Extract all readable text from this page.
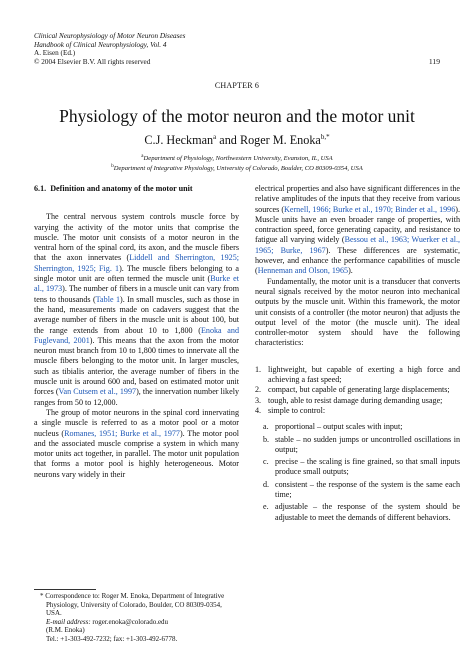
Clinical Neurophysiology of Motor Neuron Diseases
Handbook of Clinical Neurophysiology, Vol. 4
A. Eisen (Ed.)
© 2004 Elsevier B.V. All rights reserved	119
CHAPTER 6
Physiology of the motor neuron and the motor unit
C.J. Heckman$^a$ and Roger M. Enoka$^{b,*}$
$^a$Department of Physiology, Northwestern University, Evanston, IL, USA
$^b$Department of Integrative Physiology, University of Colorado, Boulder, CO 80309-0354, USA
6.1. Definition and anatomy of the motor unit
The central nervous system controls muscle force by varying the activity of the motor units that comprise the muscle. The motor unit consists of a motor neuron in the ventral horn of the spinal cord, its axon, and the muscle fibers that the axon innervates (Liddell and Sherrington, 1925; Sherrington, 1925; Fig. 1). The muscle fibers belonging to a single motor unit are often termed the muscle unit (Burke et al., 1973). The number of fibers in a muscle unit can vary from tens to thousands (Table 1). In small muscles, such as those in the hand, measurements made on cadavers suggest that the average number of fibers in the muscle unit is about 100, but the range extends from about 10 to 1,800 (Enoka and Fuglevand, 2001). This means that the axon from the motor neuron must branch from 10 to 1,800 times to innervate all the muscle fibers belonging to the motor unit. In larger muscles, such as tibialis anterior, the average number of fibers in the muscle unit is around 600 and, based on estimated motor unit forces (Van Cutsem et al., 1997), the innervation number likely ranges from 50 to 12,000.
The group of motor neurons in the spinal cord innervating a single muscle is referred to as a motor pool or a motor nucleus (Romanes, 1951; Burke et al., 1977). The motor pool and the associated muscle comprise a system in which many motor units act together, in parallel. The motor unit population that forms a motor pool is highly heterogeneous. Motor neurons vary widely in their
electrical properties and also have significant differences in the relative amplitudes of the inputs that they receive from various sources (Kernell, 1966; Burke et al., 1970; Binder et al., 1996). Muscle units have an even broader range of properties, with contraction speed, force generating capacity, and resistance to fatigue all varying widely (Bessou et al., 1963; Wuerker et al., 1965; Burke, 1967). These differences are systematic, however, and enhance the performance capabilities of muscle (Henneman and Olson, 1965).
Fundamentally, the motor unit is a transducer that converts neural signals received by the motor neuron into mechanical outputs by the muscle unit. Within this framework, the motor unit consists of a controller (the motor neuron) that adjusts the output level of the motor (the muscle unit). The ideal controller-motor system should have the following characteristics:
1. lightweight, but capable of exerting a high force and achieving a fast speed;
2. compact, but capable of generating large displacements;
3. tough, able to resist damage during demanding usage;
4. simple to control:
a. proportional – output scales with input;
b. stable – no sudden jumps or uncontrolled oscillations in output;
c. precise – the scaling is fine grained, so that small inputs produce small outputs;
d. consistent – the response of the system is the same each time;
e. adjustable – the response of the system should be adjustable to meet the demands of different behaviors.
* Correspondence to: Roger M. Enoka, Department of Integrative Physiology, University of Colorado, Boulder, CO 80309-0354, USA.
E-mail address: roger.enoka@colorado.edu
(R.M. Enoka)
Tel.: +1-303-492-7232; fax: +1-303-492-6778.
